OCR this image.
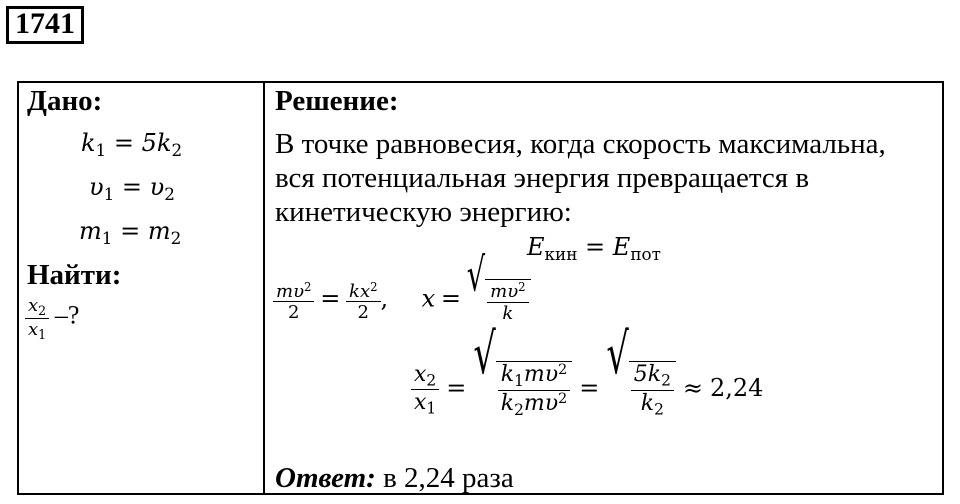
1741
Дано:
$k_1 = 5k_2$
$\upsilon_1 = \upsilon_2$
$m_1 = m_2$
Найти:
$\frac{x_2}{x_1}$ –?
Решение:
В точке равновесия, когда скорость максимальна,
вся потенциальная энергия превращается в
кинетическую энергию:
$E_{кин} = E_{пот}$
$\frac{m\upsilon^2}{2} = \frac{kx^2}{2}$ , x = √
$\frac{m\upsilon^2}{k}$
$\frac{x_2}{x_1}$ =
√
$\frac{k_1m\upsilon^2}{k_2m\upsilon^2}$ =
√
$\frac{5k_2}{k_2} \approx 2,24$
Ответ: в 2,24 раза
